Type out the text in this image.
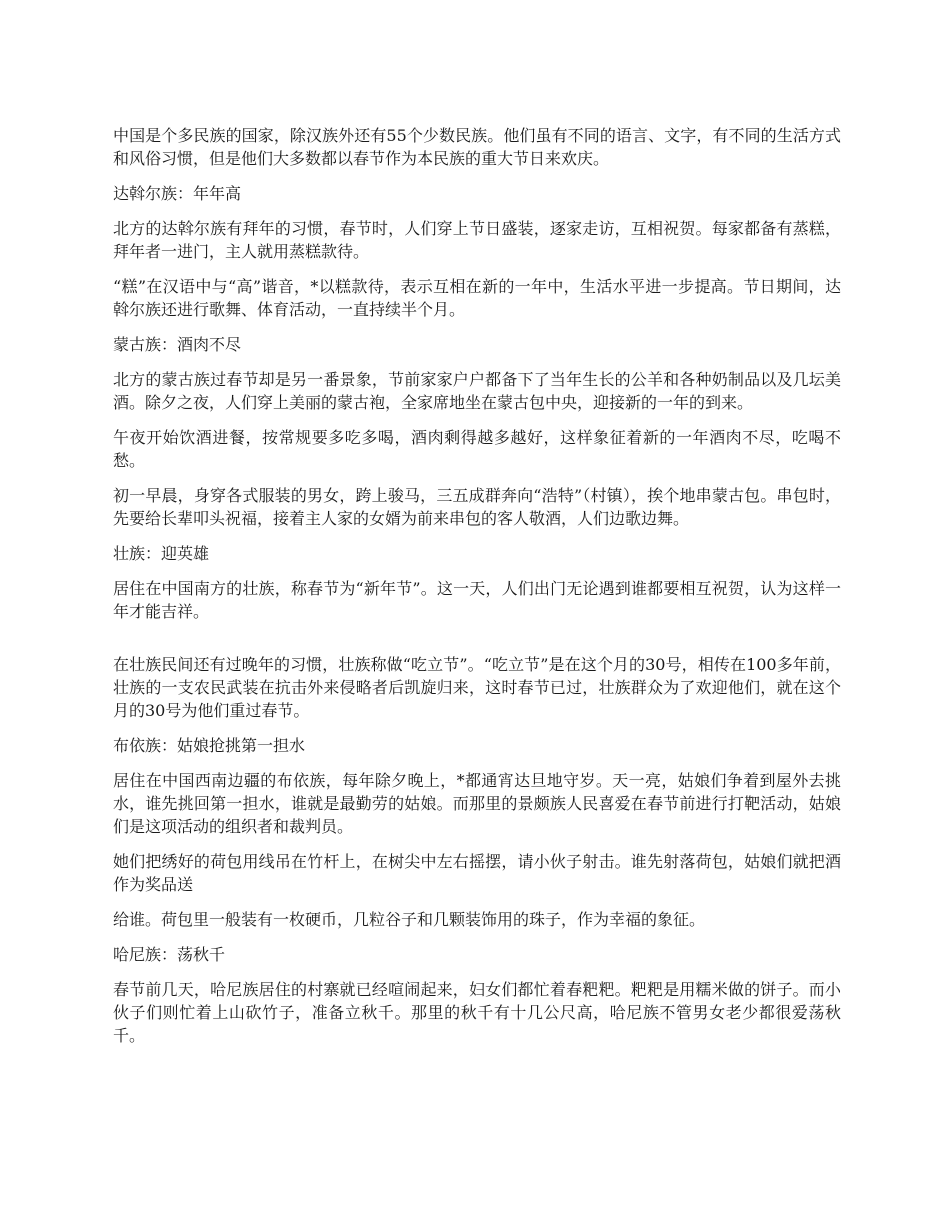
中国是个多民族的国家，除汉族外还有55个少数民族。他们虽有不同的语言、文字，有不同的生活方式和风俗习惯，但是他们大多数都以春节作为本民族的重大节日来欢庆。

达斡尔族：年年高

北方的达斡尔族有拜年的习惯，春节时，人们穿上节日盛装，逐家走访，互相祝贺。每家都备有蒸糕，拜年者一进门，主人就用蒸糕款待。

“糕”在汉语中与“高”谐音，*以糕款待，表示互相在新的一年中，生活水平进一步提高。节日期间，达斡尔族还进行歌舞、体育活动，一直持续半个月。

蒙古族：酒肉不尽

北方的蒙古族过春节却是另一番景象，节前家家户户都备下了当年生长的公羊和各种奶制品以及几坛美酒。除夕之夜，人们穿上美丽的蒙古袍，全家席地坐在蒙古包中央，迎接新的一年的到来。

午夜开始饮酒进餐，按常规要多吃多喝，酒肉剩得越多越好，这样象征着新的一年酒肉不尽，吃喝不愁。

初一早晨，身穿各式服装的男女，跨上骏马，三五成群奔向“浩特”（村镇），挨个地串蒙古包。串包时，先要给长辈叩头祝福，接着主人家的女婿为前来串包的客人敬酒，人们边歌边舞。

壮族：迎英雄

居住在中国南方的壮族，称春节为“新年节”。这一天，人们出门无论遇到谁都要相互祝贺，认为这样一年才能吉祥。

在壮族民间还有过晚年的习惯，壮族称做“吃立节”。“吃立节”是在这个月的30号，相传在100多年前，壮族的一支农民武装在抗击外来侵略者后凯旋归来，这时春节已过，壮族群众为了欢迎他们，就在这个月的30号为他们重过春节。

布依族：姑娘抢挑第一担水

居住在中国西南边疆的布依族，每年除夕晚上，*都通宵达旦地守岁。天一亮，姑娘们争着到屋外去挑水，谁先挑回第一担水，谁就是最勤劳的姑娘。而那里的景颇族人民喜爱在春节前进行打靶活动，姑娘们是这项活动的组织者和裁判员。

她们把绣好的荷包用线吊在竹杆上，在树尖中左右摇摆，请小伙子射击。谁先射落荷包，姑娘们就把酒作为奖品送

给谁。荷包里一般装有一枚硬币，几粒谷子和几颗装饰用的珠子，作为幸福的象征。

哈尼族：荡秋千

春节前几天，哈尼族居住的村寨就已经喧闹起来，妇女们都忙着春粑粑。粑粑是用糯米做的饼子。而小伙子们则忙着上山砍竹子，准备立秋千。那里的秋千有十几公尺高，哈尼族不管男女老少都很爱荡秋千。
